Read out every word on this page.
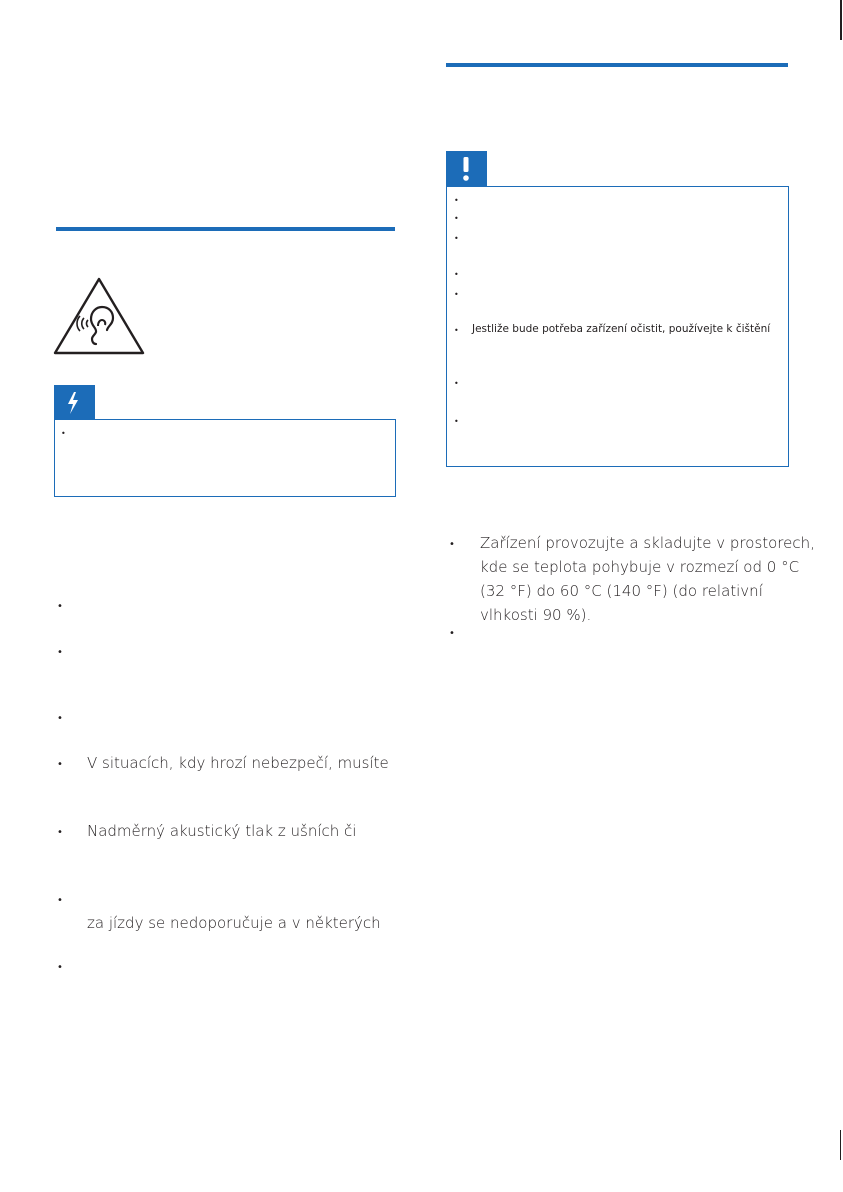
•
•
•
•
• V situacích, kdy hrozí nebezpečí, musíte
• Nadměrný akustický tlak z ušních či
•
za jízdy se nedoporučuje a v některých
•
•
•
•
•
•
• Jestliže bude potřeba zařízení očistit, používejte k čištění
•
•
• Zařízení provozujte a skladujte v prostorech,
kde se teplota pohybuje v rozmezí od 0 °C
(32 °F) do 60 °C (140 °F) (do relativní
vlhkosti 90 %).
•
